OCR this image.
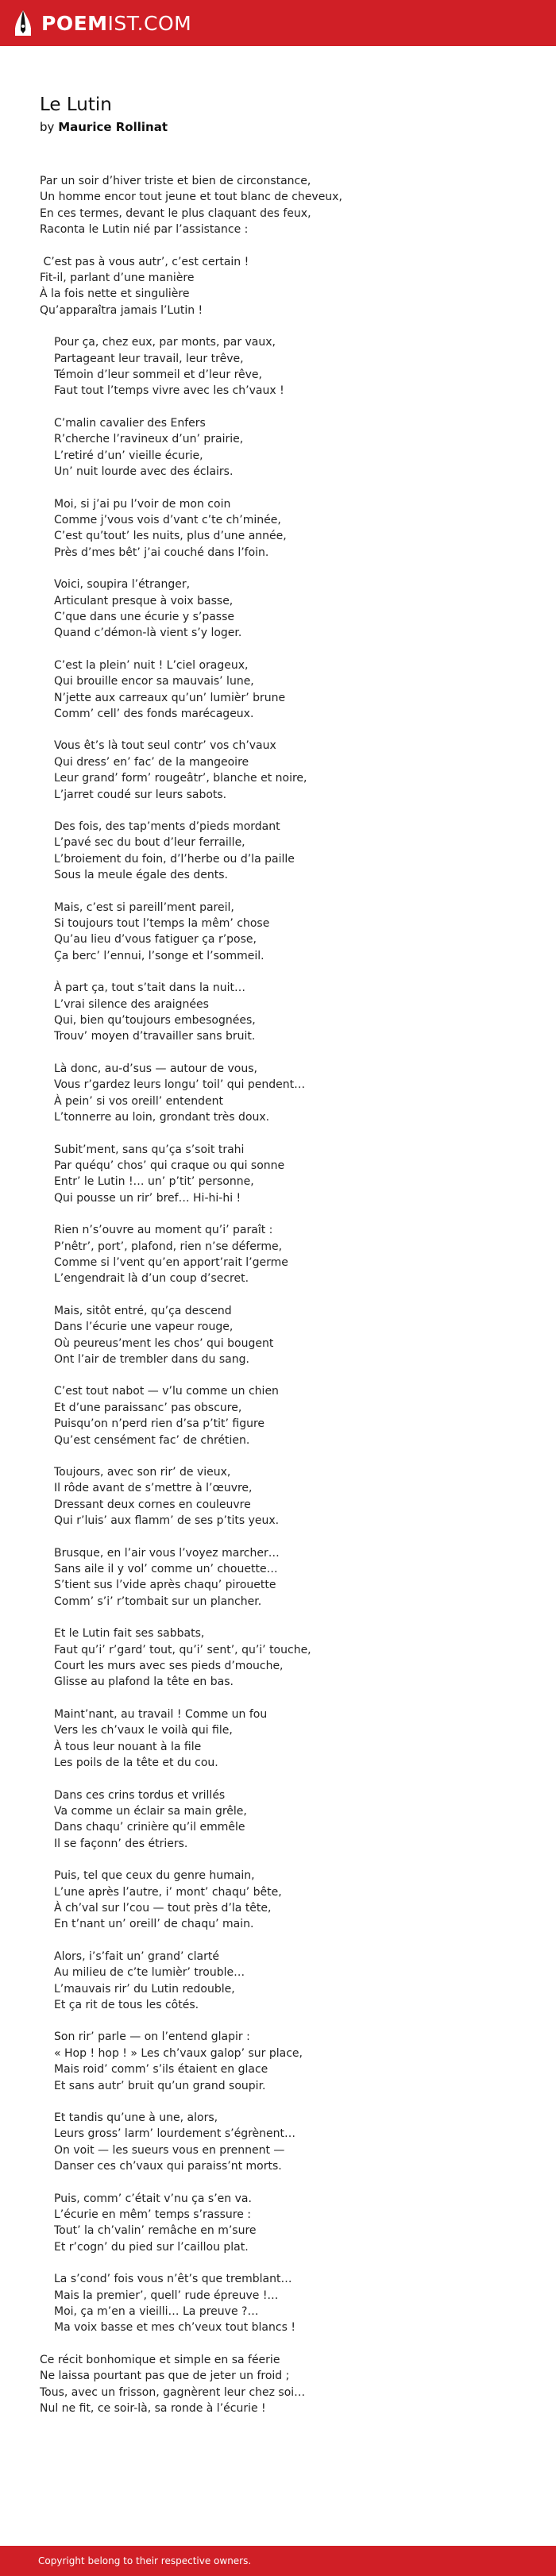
POEMIST.COM
Le Lutin
by Maurice Rollinat
Par un soir d’hiver triste et bien de circonstance,
Un homme encor tout jeune et tout blanc de cheveux,
En ces termes, devant le plus claquant des feux,
Raconta le Lutin nié par l’assistance :
C’est pas à vous autr’, c’est certain !
Fit-il, parlant d’une manière
À la fois nette et singulière
Qu’apparaîtra jamais l’Lutin !
Pour ça, chez eux, par monts, par vaux,
Partageant leur travail, leur trêve,
Témoin d’leur sommeil et d’leur rêve,
Faut tout l’temps vivre avec les ch’vaux !
C’malin cavalier des Enfers
R’cherche l’ravineux d’un’ prairie,
L’retiré d’un’ vieille écurie,
Un’ nuit lourde avec des éclairs.
Moi, si j’ai pu l’voir de mon coin
Comme j’vous vois d’vant c’te ch’minée,
C’est qu’tout’ les nuits, plus d’une année,
Près d’mes bêt’ j’ai couché dans l’foin.
Voici, soupira l’étranger,
Articulant presque à voix basse,
C’que dans une écurie y s’passe
Quand c’démon-là vient s’y loger.
C’est la plein’ nuit ! L’ciel orageux,
Qui brouille encor sa mauvais’ lune,
N’jette aux carreaux qu’un’ lumièr’ brune
Comm’ cell’ des fonds marécageux.
Vous êt’s là tout seul contr’ vos ch’vaux
Qui dress’ en’ fac’ de la mangeoire
Leur grand’ form’ rougeâtr’, blanche et noire,
L’jarret coudé sur leurs sabots.
Des fois, des tap’ments d’pieds mordant
L’pavé sec du bout d’leur ferraille,
L’broiement du foin, d’l’herbe ou d’la paille
Sous la meule égale des dents.
Mais, c’est si pareill’ment pareil,
Si toujours tout l’temps la mêm’ chose
Qu’au lieu d’vous fatiguer ça r’pose,
Ça berc’ l’ennui, l’songe et l’sommeil.
À part ça, tout s’tait dans la nuit…
L’vrai silence des araignées
Qui, bien qu’toujours embesognées,
Trouv’ moyen d’travailler sans bruit.
Là donc, au-d’sus — autour de vous,
Vous r’gardez leurs longu’ toil’ qui pendent…
À pein’ si vos oreill’ entendent
L’tonnerre au loin, grondant très doux.
Subit’ment, sans qu’ça s’soit trahi
Par quéqu’ chos’ qui craque ou qui sonne
Entr’ le Lutin !… un’ p’tit’ personne,
Qui pousse un rir’ bref… Hi-hi-hi !
Rien n’s’ouvre au moment qu’i’ paraît :
P’nêtr’, port’, plafond, rien n’se déferme,
Comme si l’vent qu’en apport’rait l’germe
L’engendrait là d’un coup d’secret.
Mais, sitôt entré, qu’ça descend
Dans l’écurie une vapeur rouge,
Où peureus’ment les chos’ qui bougent
Ont l’air de trembler dans du sang.
C’est tout nabot — v’lu comme un chien
Et d’une paraissanc’ pas obscure,
Puisqu’on n’perd rien d’sa p’tit’ figure
Qu’est censément fac’ de chrétien.
Toujours, avec son rir’ de vieux,
Il rôde avant de s’mettre à l’œuvre,
Dressant deux cornes en couleuvre
Qui r’luis’ aux flamm’ de ses p’tits yeux.
Brusque, en l’air vous l’voyez marcher…
Sans aile il y vol’ comme un’ chouette…
S’tient sus l’vide après chaqu’ pirouette
Comm’ s’i’ r’tombait sur un plancher.
Et le Lutin fait ses sabbats,
Faut qu’i’ r’gard’ tout, qu’i’ sent’, qu’i’ touche,
Court les murs avec ses pieds d’mouche,
Glisse au plafond la tête en bas.
Maint’nant, au travail ! Comme un fou
Vers les ch’vaux le voilà qui file,
À tous leur nouant à la file
Les poils de la tête et du cou.
Dans ces crins tordus et vrillés
Va comme un éclair sa main grêle,
Dans chaqu’ crinière qu’il emmêle
Il se façonn’ des étriers.
Puis, tel que ceux du genre humain,
L’une après l’autre, i’ mont’ chaqu’ bête,
À ch’val sur l’cou — tout près d’la tête,
En t’nant un’ oreill’ de chaqu’ main.
Alors, i’s’fait un’ grand’ clarté
Au milieu de c’te lumièr’ trouble…
L’mauvais rir’ du Lutin redouble,
Et ça rit de tous les côtés.
Son rir’ parle — on l’entend glapir :
« Hop ! hop ! » Les ch’vaux galop’ sur place,
Mais roid’ comm’ s’ils étaient en glace
Et sans autr’ bruit qu’un grand soupir.
Et tandis qu’une à une, alors,
Leurs gross’ larm’ lourdement s’égrènent…
On voit — les sueurs vous en prennent —
Danser ces ch’vaux qui paraiss’nt morts.
Puis, comm’ c’était v’nu ça s’en va.
L’écurie en mêm’ temps s’rassure :
Tout’ la ch’valin’ remâche en m’sure
Et r’cogn’ du pied sur l’caillou plat.
La s’cond’ fois vous n’êt’s que tremblant…
Mais la premier’, quell’ rude épreuve !…
Moi, ça m’en a vieilli… La preuve ?…
Ma voix basse et mes ch’veux tout blancs !
Ce récit bonhomique et simple en sa féerie
Ne laissa pourtant pas que de jeter un froid ;
Tous, avec un frisson, gagnèrent leur chez soi…
Nul ne fit, ce soir-là, sa ronde à l’écurie !
Copyright belong to their respective owners.
